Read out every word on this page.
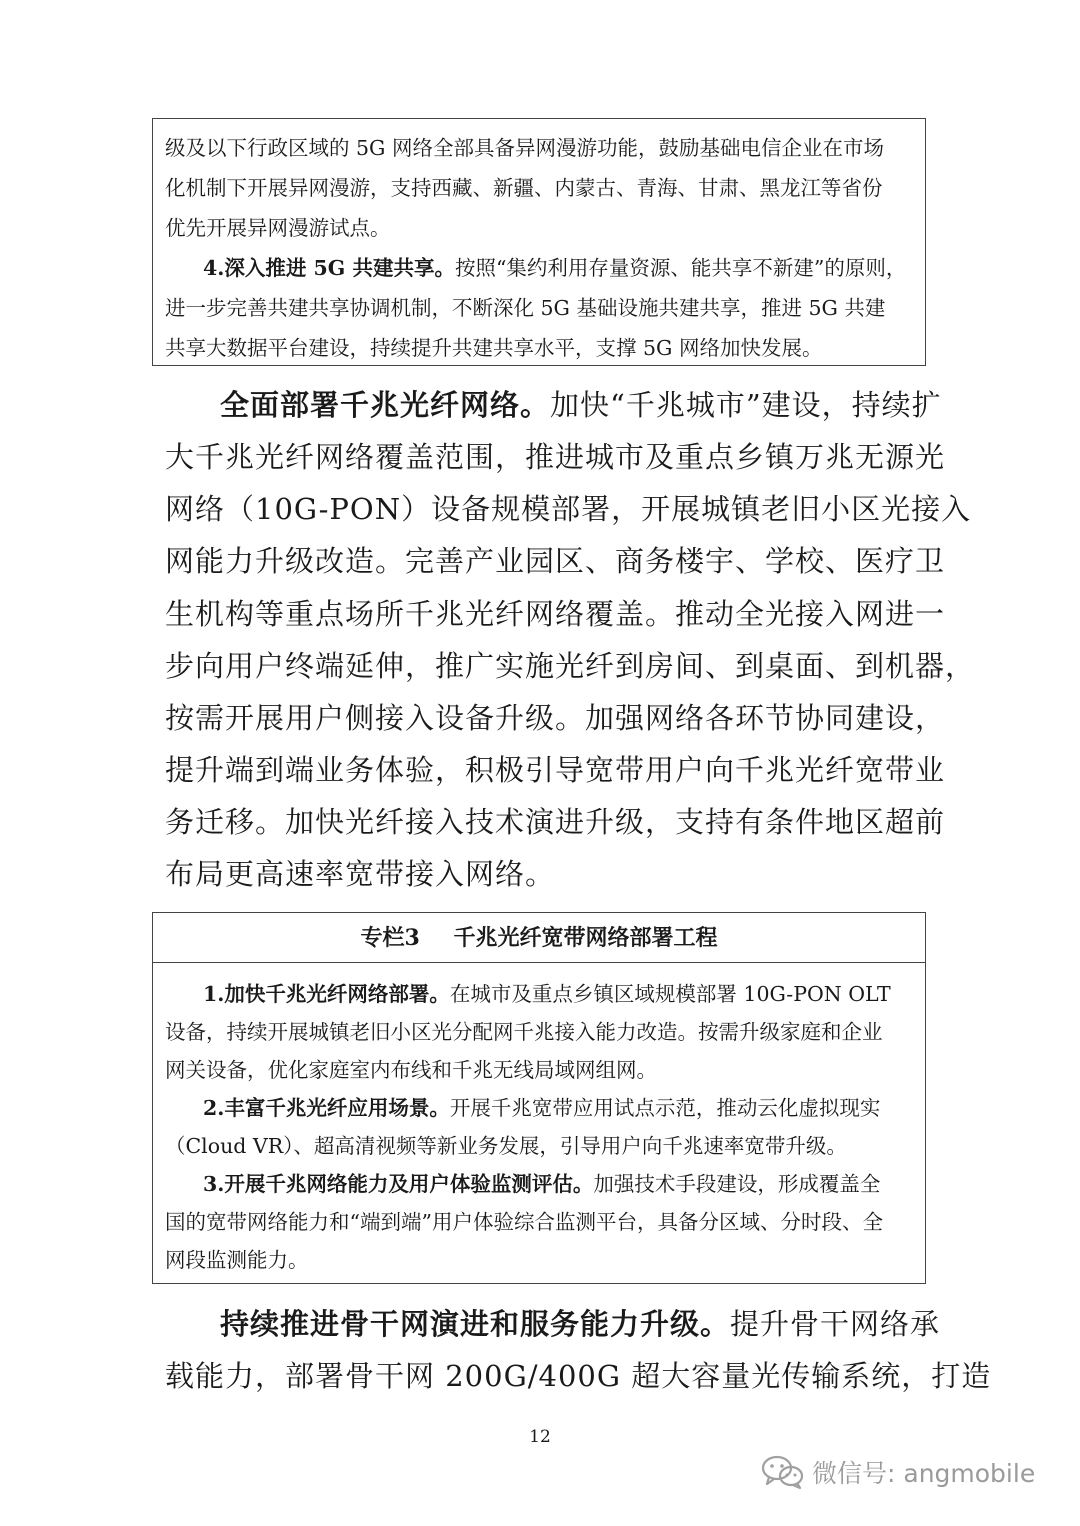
级及以下行政区域的 5G 网络全部具备异网漫游功能，鼓励基础电信企业在市场
化机制下开展异网漫游，支持西藏、新疆、内蒙古、青海、甘肃、黑龙江等省份
优先开展异网漫游试点。
4.深入推进 5G 共建共享。按照“集约利用存量资源、能共享不新建”的原则，
进一步完善共建共享协调机制，不断深化 5G 基础设施共建共享，推进 5G 共建
共享大数据平台建设，持续提升共建共享水平，支撑 5G 网络加快发展。
全面部署千兆光纤网络。加快“千兆城市”建设，持续扩
大千兆光纤网络覆盖范围，推进城市及重点乡镇万兆无源光
网络（10G-PON）设备规模部署，开展城镇老旧小区光接入
网能力升级改造。完善产业园区、商务楼宇、学校、医疗卫
生机构等重点场所千兆光纤网络覆盖。推动全光接入网进一
步向用户终端延伸，推广实施光纤到房间、到桌面、到机器，
按需开展用户侧接入设备升级。加强网络各环节协同建设，
提升端到端业务体验，积极引导宽带用户向千兆光纤宽带业
务迁移。加快光纤接入技术演进升级，支持有条件地区超前
布局更高速率宽带接入网络。
专栏3 千兆光纤宽带网络部署工程
1.加快千兆光纤网络部署。在城市及重点乡镇区域规模部署 10G-PON OLT
设备，持续开展城镇老旧小区光分配网千兆接入能力改造。按需升级家庭和企业
网关设备，优化家庭室内布线和千兆无线局域网组网。
2.丰富千兆光纤应用场景。开展千兆宽带应用试点示范，推动云化虚拟现实
（Cloud VR）、超高清视频等新业务发展，引导用户向千兆速率宽带升级。
3.开展千兆网络能力及用户体验监测评估。加强技术手段建设，形成覆盖全
国的宽带网络能力和“端到端”用户体验综合监测平台，具备分区域、分时段、全
网段监测能力。
持续推进骨干网演进和服务能力升级。提升骨干网络承
载能力，部署骨干网 200G/400G 超大容量光传输系统，打造
12
微信号: angmobile
